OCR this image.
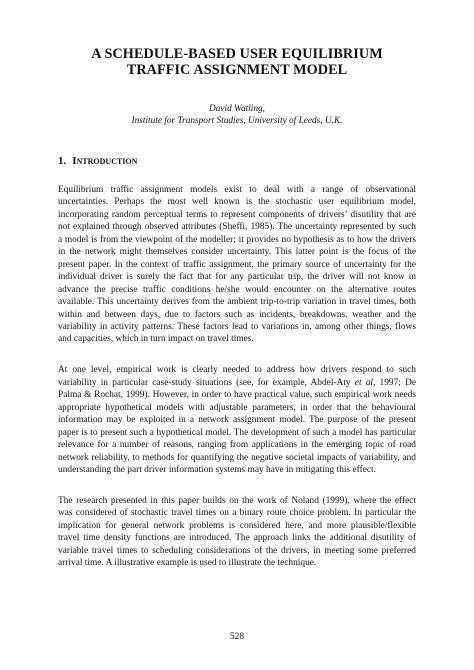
A SCHEDULE-BASED USER EQUILIBRIUM
TRAFFIC ASSIGNMENT MODEL
David Watling,
Institute for Transport Studies, University of Leeds, U.K.
1. Introduction

Equilibrium traffic assignment models exist to deal with a range of observational
uncertainties. Perhaps the most well known is the stochastic user equilibrium model,
incorporating random perceptual terms to represent components of drivers’ disutility that are
not explained through observed attributes (Sheffi, 1985). The uncertainty represented by such
a model is from the viewpoint of the modeller; it provides no hypothesis as to how the drivers
in the network might themselves consider uncertainty. This latter point is the focus of the
present paper. In the context of traffic assignment, the primary source of uncertainty for the
individual driver is surely the fact that for any particular trip, the driver will not know in
advance the precise traffic conditions he/she would encounter on the alternative routes
available. This uncertainty derives from the ambient trip-to-trip variation in travel times, both
within and between days, due to factors such as incidents, breakdowns, weather and the
variability in activity patterns. These factors lead to variations in, among other things, flows
and capacities, which in turn impact on travel times.

At one level, empirical work is clearly needed to address how drivers respond to such
variability in particular case-study situations (see, for example, Abdel-Aty et al, 1997; De
Palma & Rochat, 1999). However, in order to have practical value, such empirical work needs
appropriate hypothetical models with adjustable parameters, in order that the behavioural
information may be exploited in a network assignment model. The purpose of the present
paper is to present such a hypothetical model. The development of such a model has particular
relevance for a number of reasons, ranging from applications in the emerging topic of road
network reliability, to methods for quantifying the negative societal impacts of variability, and
understanding the part driver information systems may have in mitigating this effect.

The research presented in this paper builds on the work of Noland (1999), where the effect
was considered of stochastic travel times on a binary route choice problem. In particular the
implication for general network problems is considered here, and more plausible/flexible
travel time density functions are introduced. The approach links the additional disutility of
variable travel times to scheduling considerations of the drivers, in meeting some preferred
arrival time. A illustrative example is used to illustrate the technique.

528
